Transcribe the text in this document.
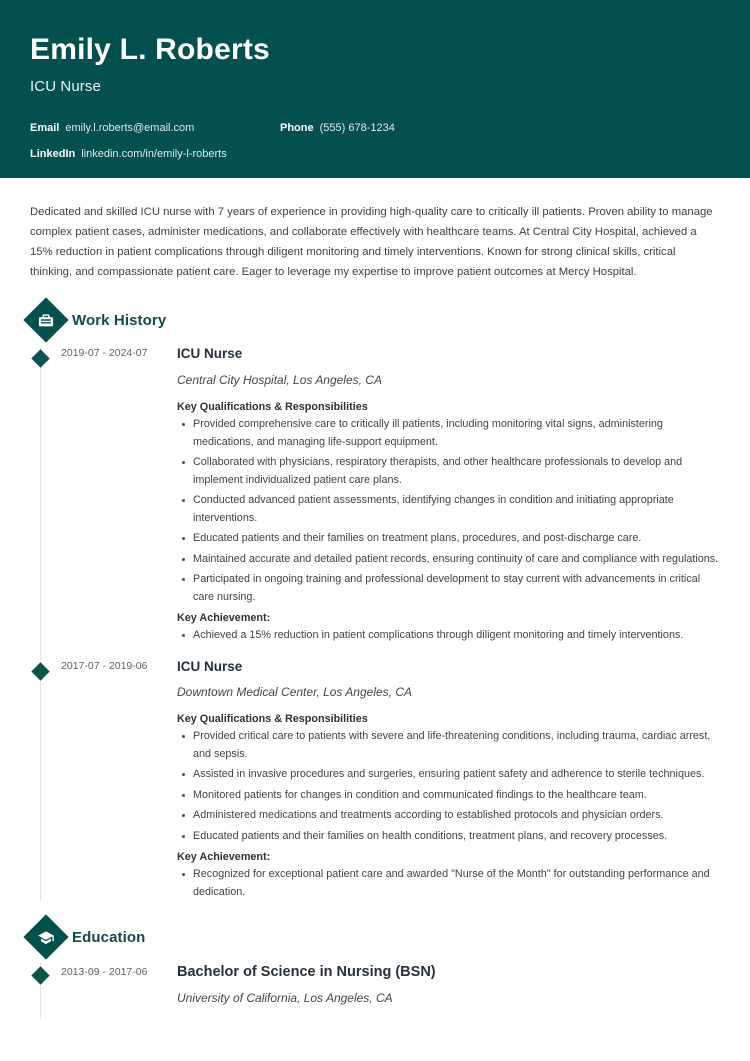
Emily L. Roberts
ICU Nurse
Email emily.l.roberts@email.com	Phone (555) 678-1234
LinkedIn linkedin.com/in/emily-l-roberts

Dedicated and skilled ICU nurse with 7 years of experience in providing high-quality care to critically ill patients. Proven ability to manage complex patient cases, administer medications, and collaborate effectively with healthcare teams. At Central City Hospital, achieved a 15% reduction in patient complications through diligent monitoring and timely interventions. Known for strong clinical skills, critical thinking, and compassionate patient care. Eager to leverage my expertise to improve patient outcomes at Mercy Hospital.

Work History
2019-07 - 2024-07	ICU Nurse
Central City Hospital, Los Angeles, CA
Key Qualifications & Responsibilities
Provided comprehensive care to critically ill patients, including monitoring vital signs, administering medications, and managing life-support equipment.
Collaborated with physicians, respiratory therapists, and other healthcare professionals to develop and implement individualized patient care plans.
Conducted advanced patient assessments, identifying changes in condition and initiating appropriate interventions.
Educated patients and their families on treatment plans, procedures, and post-discharge care.
Maintained accurate and detailed patient records, ensuring continuity of care and compliance with regulations.
Participated in ongoing training and professional development to stay current with advancements in critical care nursing.
Key Achievement:
Achieved a 15% reduction in patient complications through diligent monitoring and timely interventions.
2017-07 - 2019-06	ICU Nurse
Downtown Medical Center, Los Angeles, CA
Key Qualifications & Responsibilities
Provided critical care to patients with severe and life-threatening conditions, including trauma, cardiac arrest, and sepsis.
Assisted in invasive procedures and surgeries, ensuring patient safety and adherence to sterile techniques.
Monitored patients for changes in condition and communicated findings to the healthcare team.
Administered medications and treatments according to established protocols and physician orders.
Educated patients and their families on health conditions, treatment plans, and recovery processes.
Key Achievement:
Recognized for exceptional patient care and awarded "Nurse of the Month" for outstanding performance and dedication.
Education
2013-09 - 2017-06	Bachelor of Science in Nursing (BSN)
University of California, Los Angeles, CA
